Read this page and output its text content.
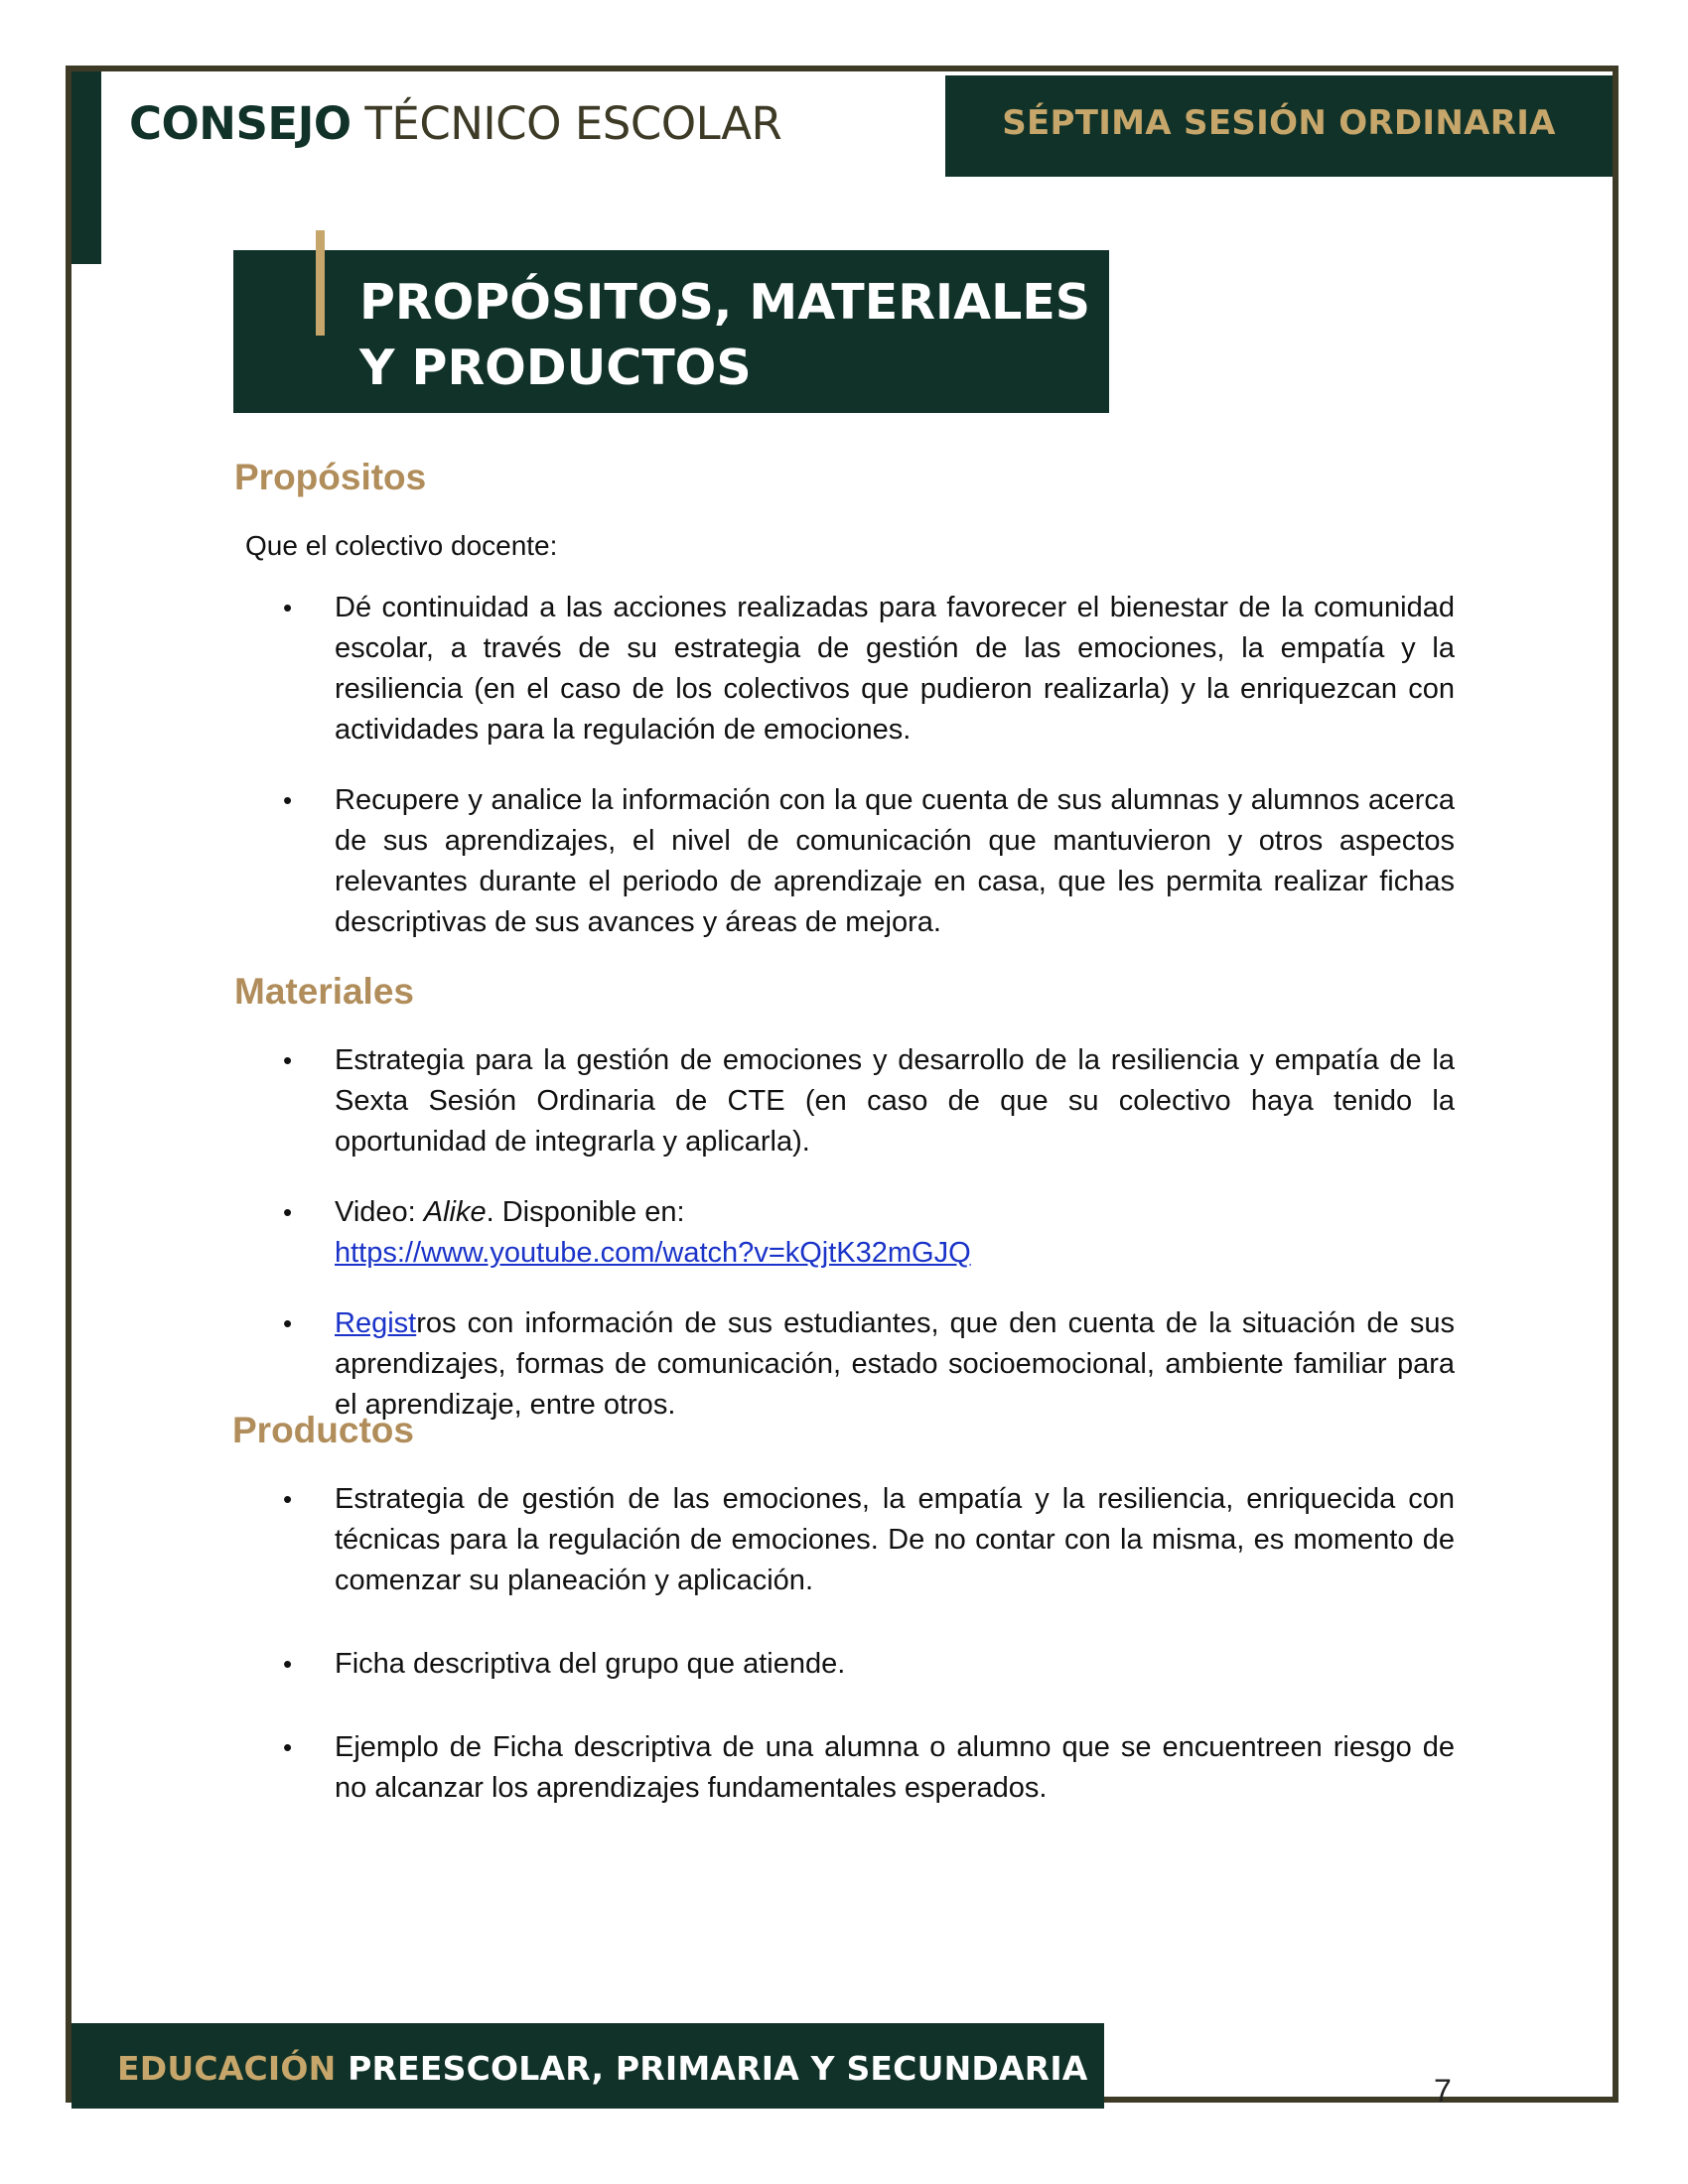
CONSEJO TÉCNICO ESCOLAR	SÉPTIMA SESIÓN ORDINARIA
PROPÓSITOS, MATERIALES
Y PRODUCTOS
Propósitos
Que el colectivo docente:
• Dé continuidad a las acciones realizadas para favorecer el bienestar de la comunidad escolar, a través de su estrategia de gestión de las emociones, la empatía y la resiliencia (en el caso de los colectivos que pudieron realizarla) y la enriquezcan con actividades para la regulación de emociones.
• Recupere y analice la información con la que cuenta de sus alumnas y alumnos acerca de sus aprendizajes, el nivel de comunicación que mantuvieron y otros aspectos relevantes durante el periodo de aprendizaje en casa, que les permita realizar fichas descriptivas de sus avances y áreas de mejora.
Materiales
• Estrategia para la gestión de emociones y desarrollo de la resiliencia y empatía de la Sexta Sesión Ordinaria de CTE (en caso de que su colectivo haya tenido la oportunidad de integrarla y aplicarla).
• Video: Alike. Disponible en:
https://www.youtube.com/watch?v=kQjtK32mGJQ
• Registros con información de sus estudiantes, que den cuenta de la situación de sus aprendizajes, formas de comunicación, estado socioemocional, ambiente familiar para el aprendizaje, entre otros.
Productos
• Estrategia de gestión de las emociones, la empatía y la resiliencia, enriquecida con técnicas para la regulación de emociones. De no contar con la misma, es momento de comenzar su planeación y aplicación.
• Ficha descriptiva del grupo que atiende.
• Ejemplo de Ficha descriptiva de una alumna o alumno que se encuentreen riesgo de no alcanzar los aprendizajes fundamentales esperados.
EDUCACIÓN PREESCOLAR, PRIMARIA Y SECUNDARIA
7
